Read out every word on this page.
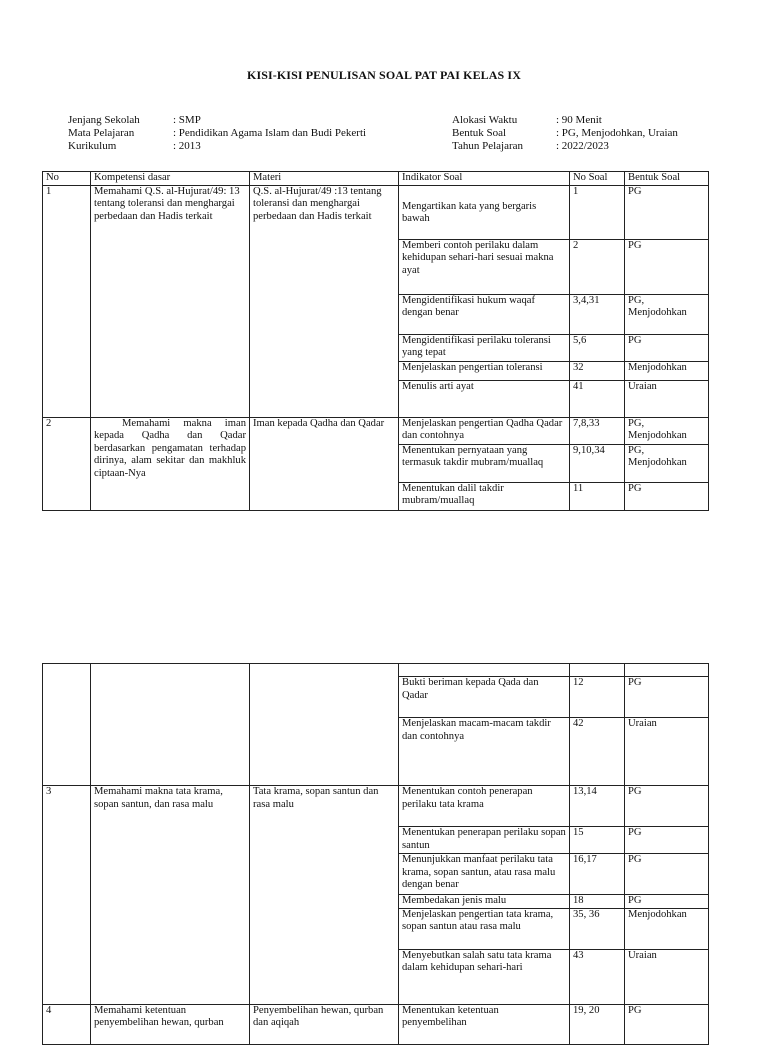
KISI-KISI PENULISAN SOAL PAT PAI KELAS IX
Jenjang Sekolah	: SMP
Mata Pelajaran	: Pendidikan Agama Islam dan Budi Pekerti
Kurikulum	: 2013
Alokasi Waktu	: 90 Menit
Bentuk Soal	: PG, Menjodohkan, Uraian
Tahun Pelajaran	: 2022/2023
No	Kompetensi dasar	Materi	Indikator Soal	No Soal	Bentuk Soal
1	Memahami Q.S. al-Hujurat/49: 13 tentang toleransi dan menghargai perbedaan dan Hadis terkait	Q.S. al-Hujurat/49 :13 tentang toleransi dan menghargai perbedaan dan Hadis terkait	Mengartikan kata yang bergaris bawah	1	PG
			Memberi contoh perilaku dalam kehidupan sehari-hari sesuai makna ayat	2	PG
			Mengidentifikasi hukum waqaf dengan benar	3,4,31	PG, Menjodohkan
			Mengidentifikasi perilaku toleransi yang tepat	5,6	PG
			Menjelaskan pengertian toleransi	32	Menjodohkan
			Menulis arti ayat	41	Uraian
2	Memahami makna iman kepada Qadha dan Qadar berdasarkan pengamatan terhadap dirinya, alam sekitar dan makhluk ciptaan-Nya	Iman kepada Qadha dan Qadar	Menjelaskan pengertian Qadha Qadar dan contohnya	7,8,33	PG, Menjodohkan
			Menentukan pernyataan yang termasuk takdir mubram/muallaq	9,10,34	PG, Menjodohkan
			Menentukan dalil takdir mubram/muallaq	11	PG

			Bukti beriman kepada Qada dan Qadar	12	PG
			Menjelaskan macam-macam takdir dan contohnya	42	Uraian
3	Memahami makna tata krama, sopan santun, dan rasa malu	Tata krama, sopan santun dan rasa malu	Menentukan contoh penerapan perilaku tata krama	13,14	PG
			Menentukan penerapan perilaku sopan santun	15	PG
			Menunjukkan manfaat perilaku tata krama, sopan santun, atau rasa malu dengan benar	16,17	PG
			Membedakan jenis malu	18	PG
			Menjelaskan pengertian tata krama, sopan santun atau rasa malu	35, 36	Menjodohkan
			Menyebutkan salah satu tata krama dalam kehidupan sehari-hari	43	Uraian
4	Memahami ketentuan penyembelihan hewan, qurban	Penyembelihan hewan, qurban dan aqiqah	Menentukan ketentuan penyembelihan	19, 20	PG
